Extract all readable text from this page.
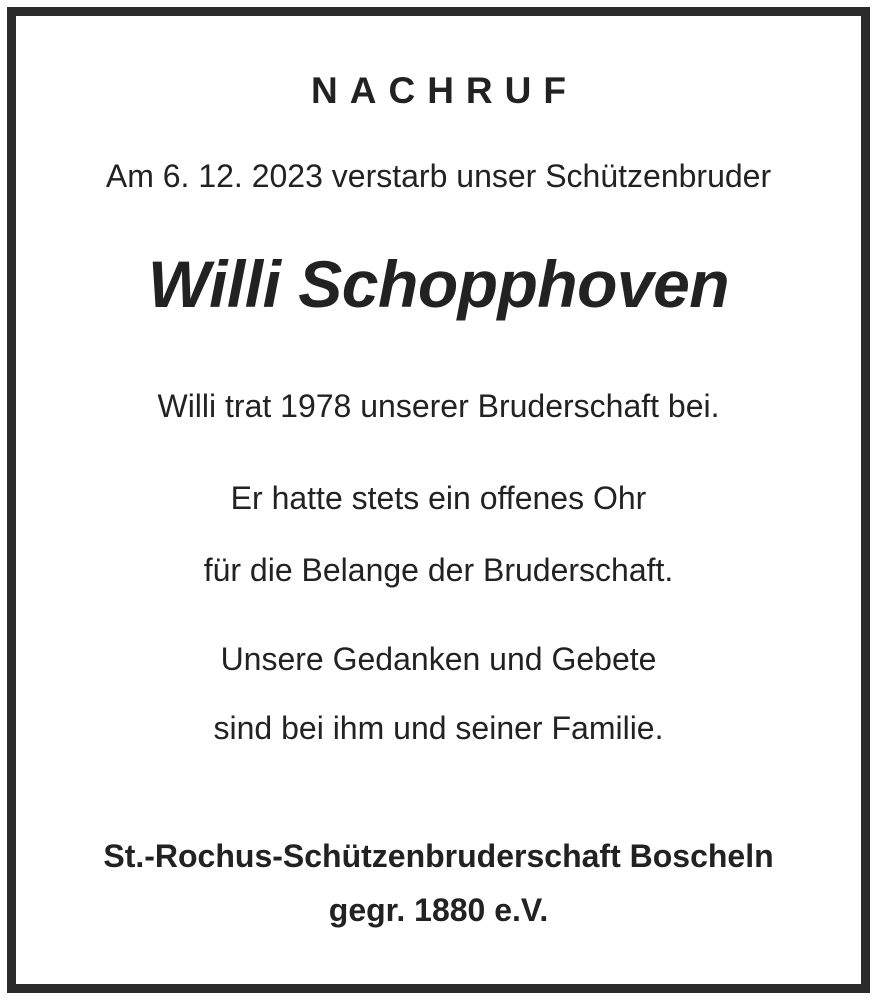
NACHRUF
Am 6. 12. 2023 verstarb unser Schützenbruder
Willi Schopphoven
Willi trat 1978 unserer Bruderschaft bei.
Er hatte stets ein offenes Ohr
für die Belange der Bruderschaft.
Unsere Gedanken und Gebete
sind bei ihm und seiner Familie.
St.-Rochus-Schützenbruderschaft Boscheln
gegr. 1880 e.V.
